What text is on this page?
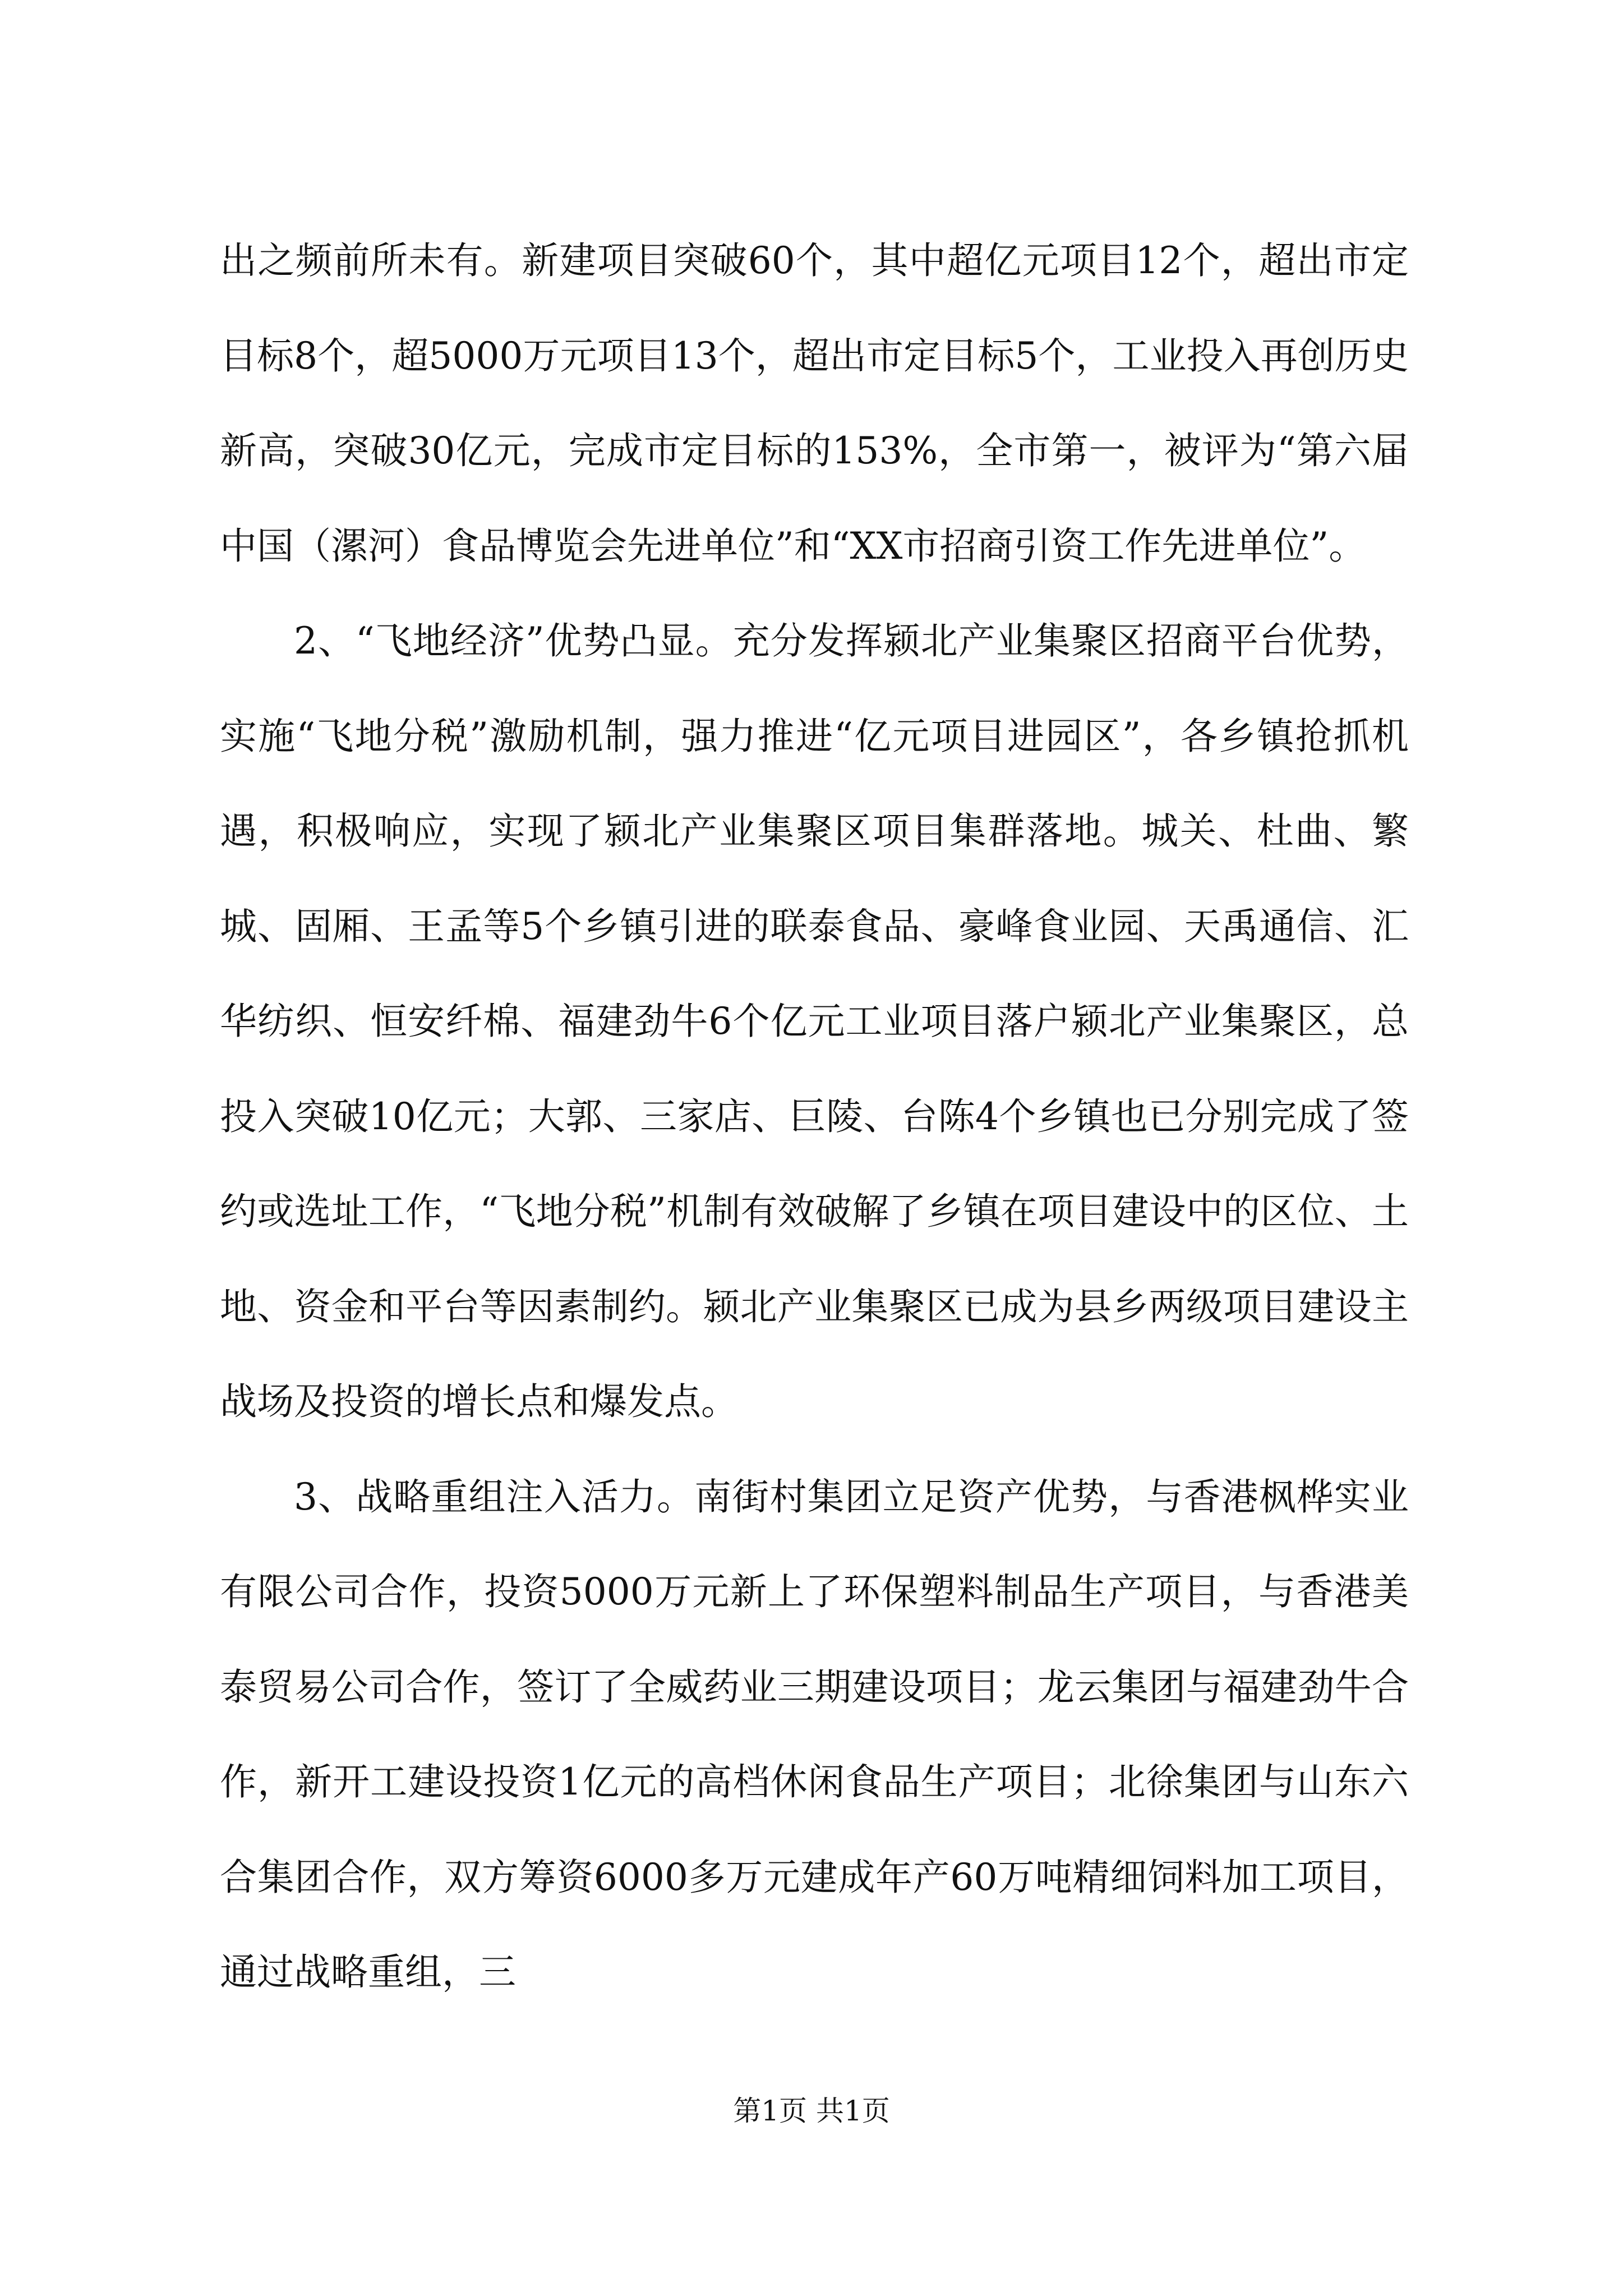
出之频前所未有。新建项目突破60个，其中超亿元项目12个，超出市定目标8个，超5000万元项目13个，超出市定目标5个，工业投入再创历史新高，突破30亿元，完成市定目标的153%，全市第一，被评为“第六届中国（漯河）食品博览会先进单位”和“XX市招商引资工作先进单位”。

2、“飞地经济”优势凸显。充分发挥颍北产业集聚区招商平台优势，实施“飞地分税”激励机制，强力推进“亿元项目进园区”，各乡镇抢抓机遇，积极响应，实现了颍北产业集聚区项目集群落地。城关、杜曲、繁城、固厢、王孟等5个乡镇引进的联泰食品、豪峰食业园、天禹通信、汇华纺织、恒安纤棉、福建劲牛6个亿元工业项目落户颍北产业集聚区，总投入突破10亿元；大郭、三家店、巨陵、台陈4个乡镇也已分别完成了签约或选址工作，“飞地分税”机制有效破解了乡镇在项目建设中的区位、土地、资金和平台等因素制约。颍北产业集聚区已成为县乡两级项目建设主战场及投资的增长点和爆发点。

3、战略重组注入活力。南街村集团立足资产优势，与香港枫桦实业有限公司合作，投资5000万元新上了环保塑料制品生产项目，与香港美泰贸易公司合作，签订了全威药业三期建设项目；龙云集团与福建劲牛合作，新开工建设投资1亿元的高档休闲食品生产项目；北徐集团与山东六合集团合作，双方筹资6000多万元建成年产60万吨精细饲料加工项目，通过战略重组，三

第1页 共1页
